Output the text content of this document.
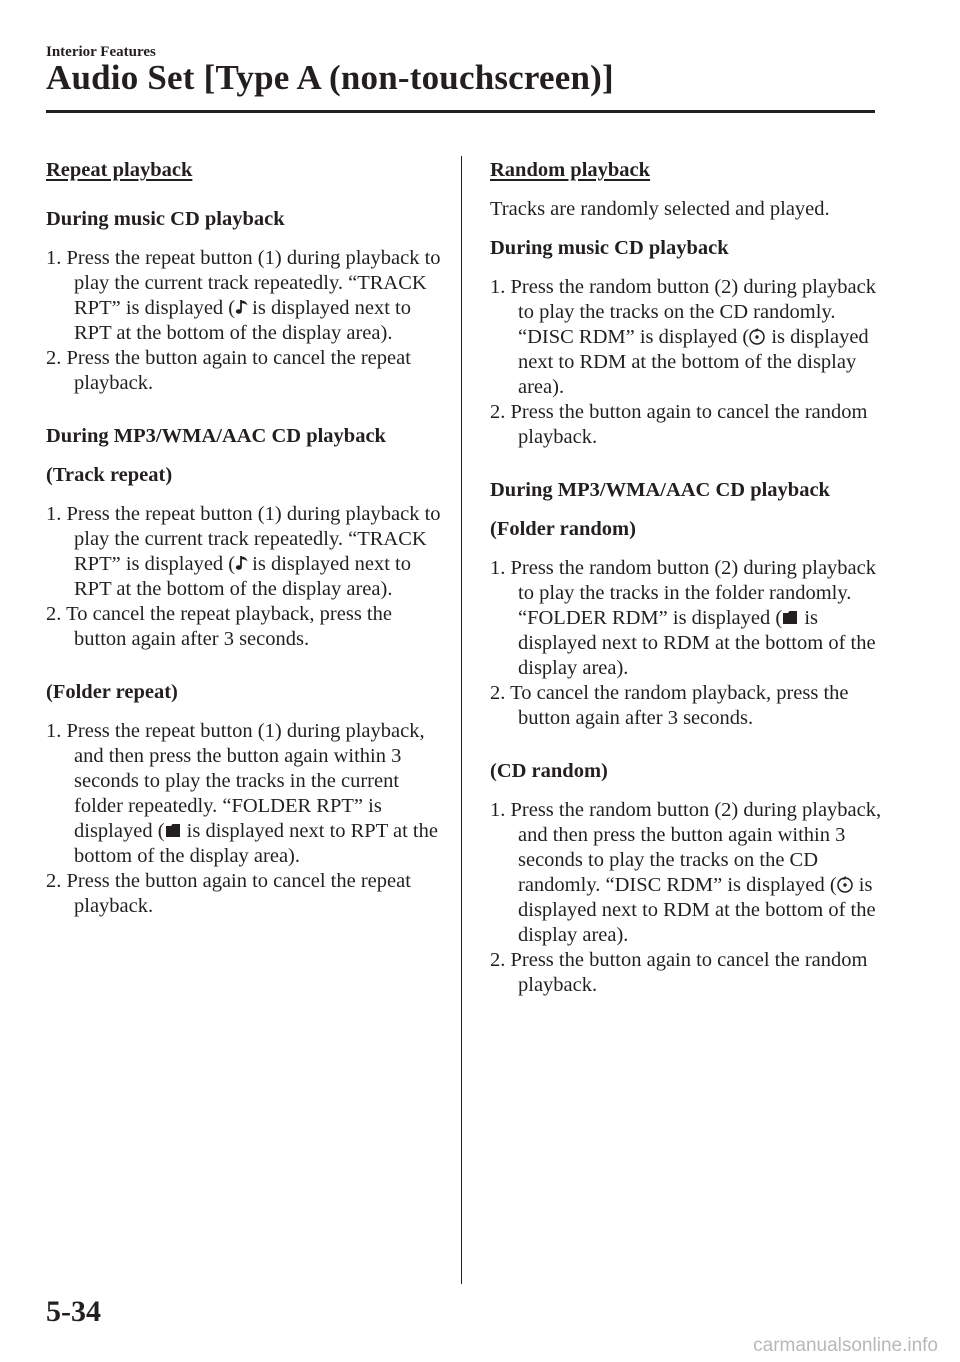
Interior Features
Audio Set [Type A (non-touchscreen)]
Repeat playback
During music CD playback
1. Press the repeat button (1) during playback to play the current track repeatedly. “TRACK RPT” is displayed ( is displayed next to RPT at the bottom of the display area).
2. Press the button again to cancel the repeat playback.
During MP3/WMA/AAC CD playback
(Track repeat)
1. Press the repeat button (1) during playback to play the current track repeatedly. “TRACK RPT” is displayed ( is displayed next to RPT at the bottom of the display area).
2. To cancel the repeat playback, press the button again after 3 seconds.
(Folder repeat)
1. Press the repeat button (1) during playback, and then press the button again within 3 seconds to play the tracks in the current folder repeatedly. “FOLDER RPT” is displayed (
is displayed next to RPT at the bottom of the display area).
2. Press the button again to cancel the repeat playback.
Random playback
Tracks are randomly selected and played.
During music CD playback
1. Press the random button (2) during playback to play the tracks on the CD randomly. “DISC RDM” is displayed (
is displayed next to RDM at the bottom of the display area).
2. Press the button again to cancel the random playback.
During MP3/WMA/AAC CD playback
(Folder random)
1. Press the random button (2) during playback to play the tracks in the folder randomly. “FOLDER RDM” is displayed (
is displayed next to RDM at the bottom of the display area).
2. To cancel the random playback, press the button again after 3 seconds.
(CD random)
1. Press the random button (2) during playback, and then press the button again within 3 seconds to play the tracks on the CD randomly. “DISC RDM” is displayed (
is displayed next to RDM at the bottom of the display area).
2. Press the button again to cancel the random playback.
5-34
carmanualsonline.info
